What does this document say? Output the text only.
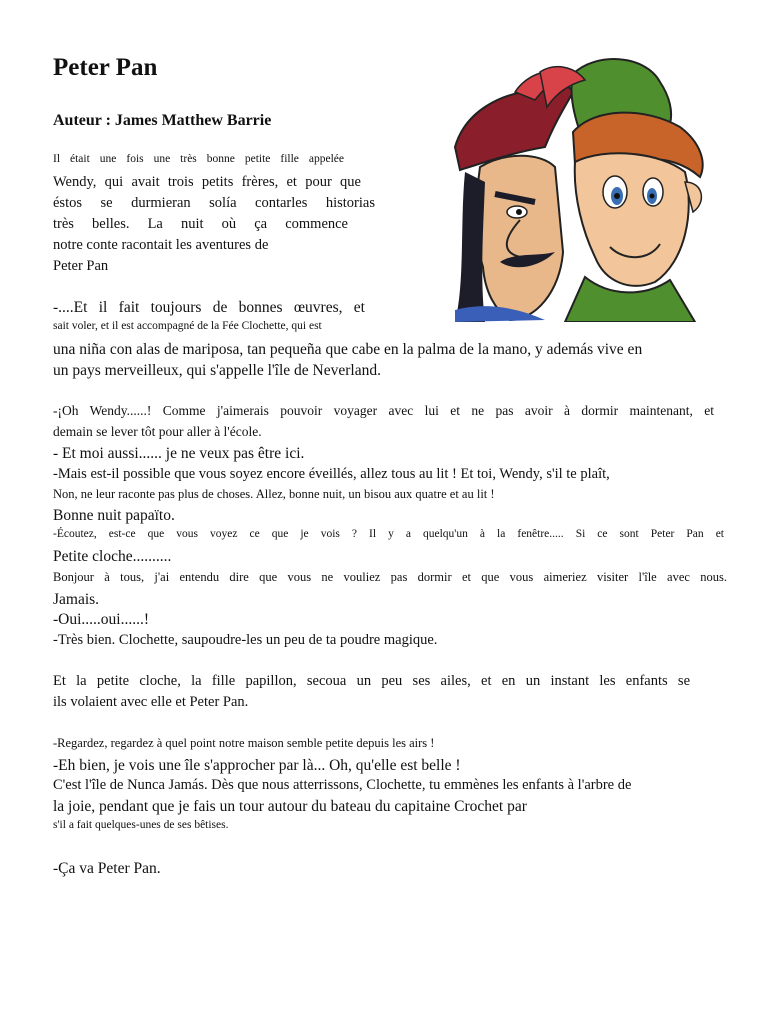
Peter Pan
Auteur : James Matthew Barrie
Il était une fois une très bonne petite fille appelée
Wendy, qui avait trois petits frères, et pour que
éstos se durmieran solía contarles historias
très belles. La nuit où ça commence
notre conte racontait les aventures de
Peter Pan
-....Et il fait toujours de bonnes œuvres, et
sait voler, et il est accompagné de la Fée Clochette, qui est
una niña con alas de mariposa, tan pequeña que cabe en la palma de la mano, y además vive en
un pays merveilleux, qui s'appelle l'île de Neverland.
-¡Oh Wendy......! Comme j'aimerais pouvoir voyager avec lui et ne pas avoir à dormir maintenant, et
demain se lever tôt pour aller à l'école.
- Et moi aussi...... je ne veux pas être ici.
-Mais est-il possible que vous soyez encore éveillés, allez tous au lit ! Et toi, Wendy, s'il te plaît,
Non, ne leur raconte pas plus de choses. Allez, bonne nuit, un bisou aux quatre et au lit !
Bonne nuit papaïto.
-Écoutez, est-ce que vous voyez ce que je vois ? Il y a quelqu'un à la fenêtre..... Si ce sont Peter Pan et
Petite cloche..........
Bonjour à tous, j'ai entendu dire que vous ne vouliez pas dormir et que vous aimeriez visiter l'île avec nous.
Jamais.
-Oui.....oui......!
-Très bien. Clochette, saupoudre-les un peu de ta poudre magique.
Et la petite cloche, la fille papillon, secoua un peu ses ailes, et en un instant les enfants se
ils volaient avec elle et Peter Pan.
-Regardez, regardez à quel point notre maison semble petite depuis les airs !
-Eh bien, je vois une île s'approcher par là... Oh, qu'elle est belle !
C'est l'île de Nunca Jamás. Dès que nous atterrissons, Clochette, tu emmènes les enfants à l'arbre de
la joie, pendant que je fais un tour autour du bateau du capitaine Crochet par
s'il a fait quelques-unes de ses bêtises.
-Ça va Peter Pan.
